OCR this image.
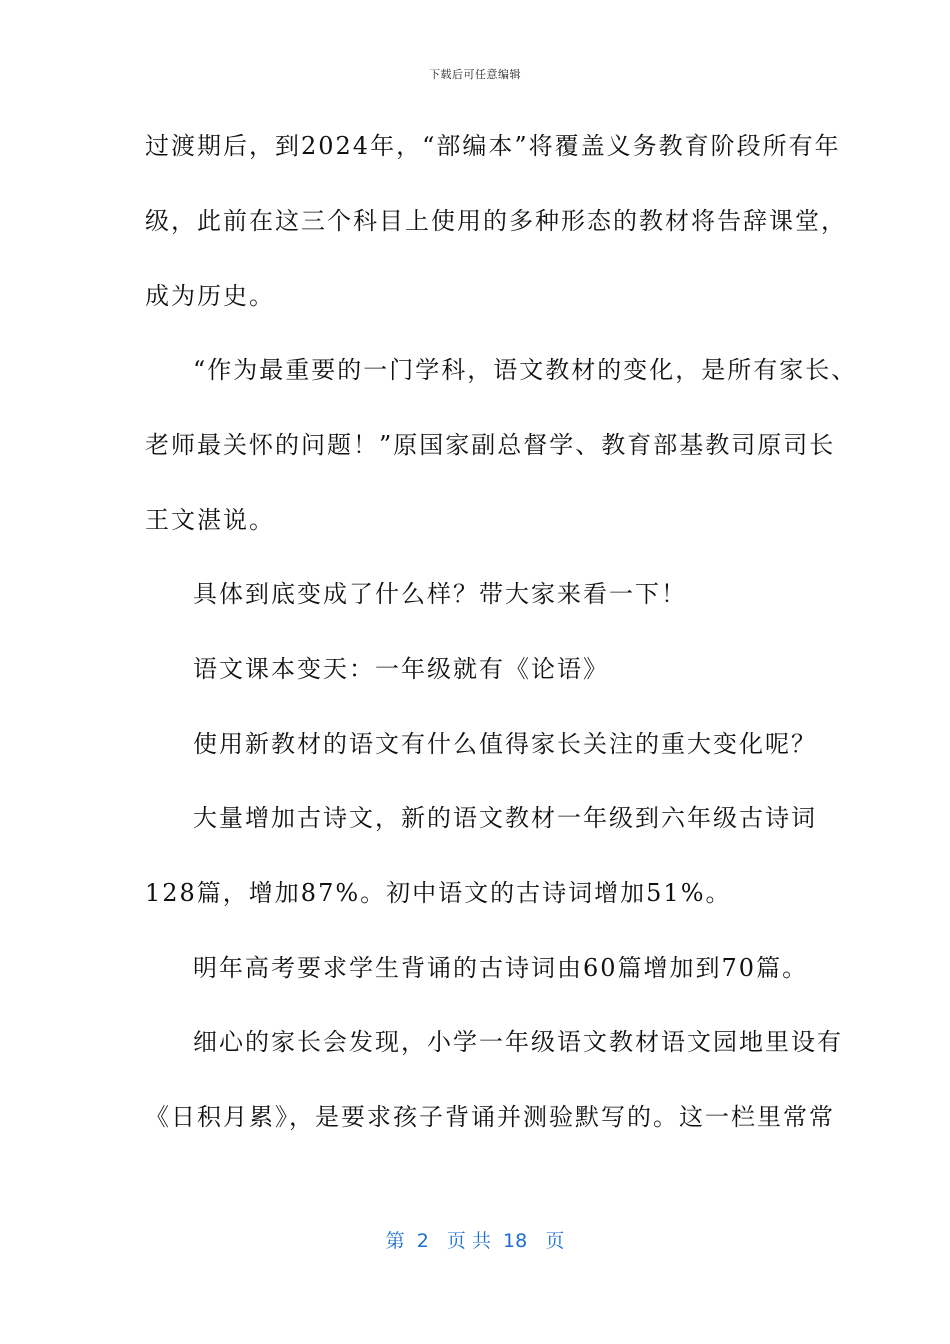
下载后可任意编辑
过渡期后，到2024年，“部编本”将覆盖义务教育阶段所有年
级，此前在这三个科目上使用的多种形态的教材将告辞课堂，
成为历史。
“作为最重要的一门学科，语文教材的变化，是所有家长、
老师最关怀的问题！”原国家副总督学、教育部基教司原司长
王文湛说。
具体到底变成了什么样？带大家来看一下！
语文课本变天：一年级就有《论语》
使用新教材的语文有什么值得家长关注的重大变化呢？
大量增加古诗文，新的语文教材一年级到六年级古诗词
128篇，增加87%。初中语文的古诗词增加51%。
明年高考要求学生背诵的古诗词由60篇增加到70篇。
细心的家长会发现，小学一年级语文教材语文园地里设有
《日积月累》，是要求孩子背诵并测验默写的。这一栏里常常
第  2   页 共  18   页
